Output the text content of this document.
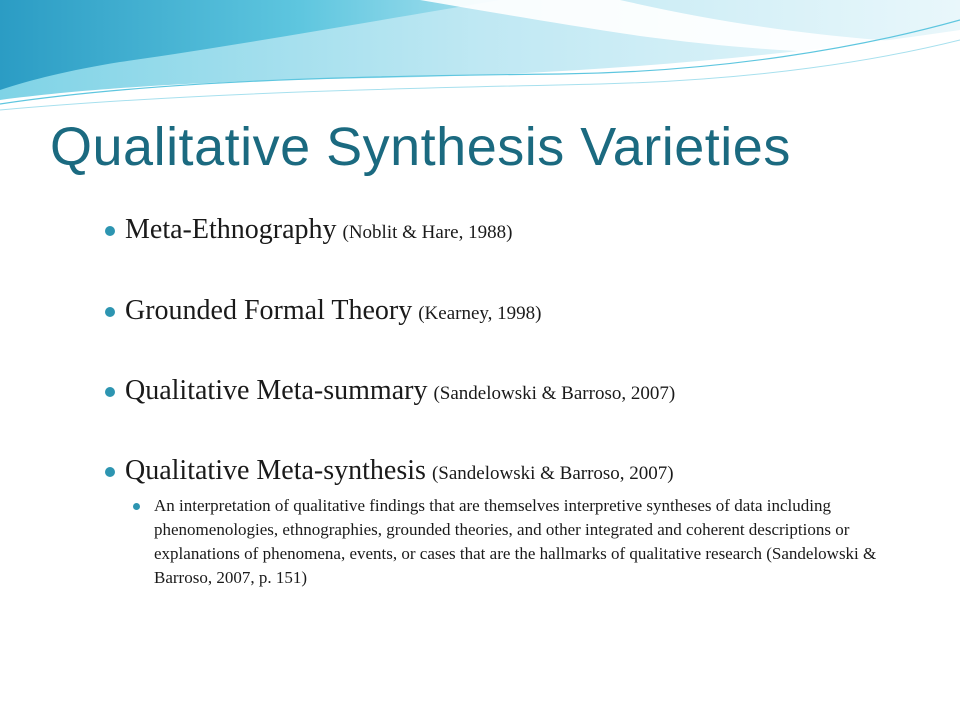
Qualitative Synthesis Varieties
Meta-Ethnography (Noblit & Hare, 1988)
Grounded Formal Theory (Kearney, 1998)
Qualitative Meta-summary (Sandelowski & Barroso, 2007)
Qualitative Meta-synthesis (Sandelowski & Barroso, 2007)

An interpretation of qualitative findings that are themselves interpretive syntheses of data including phenomenologies, ethnographies, grounded theories, and other integrated and coherent descriptions or explanations of phenomena, events, or cases that are the hallmarks of qualitative research (Sandelowski & Barroso, 2007, p. 151)
